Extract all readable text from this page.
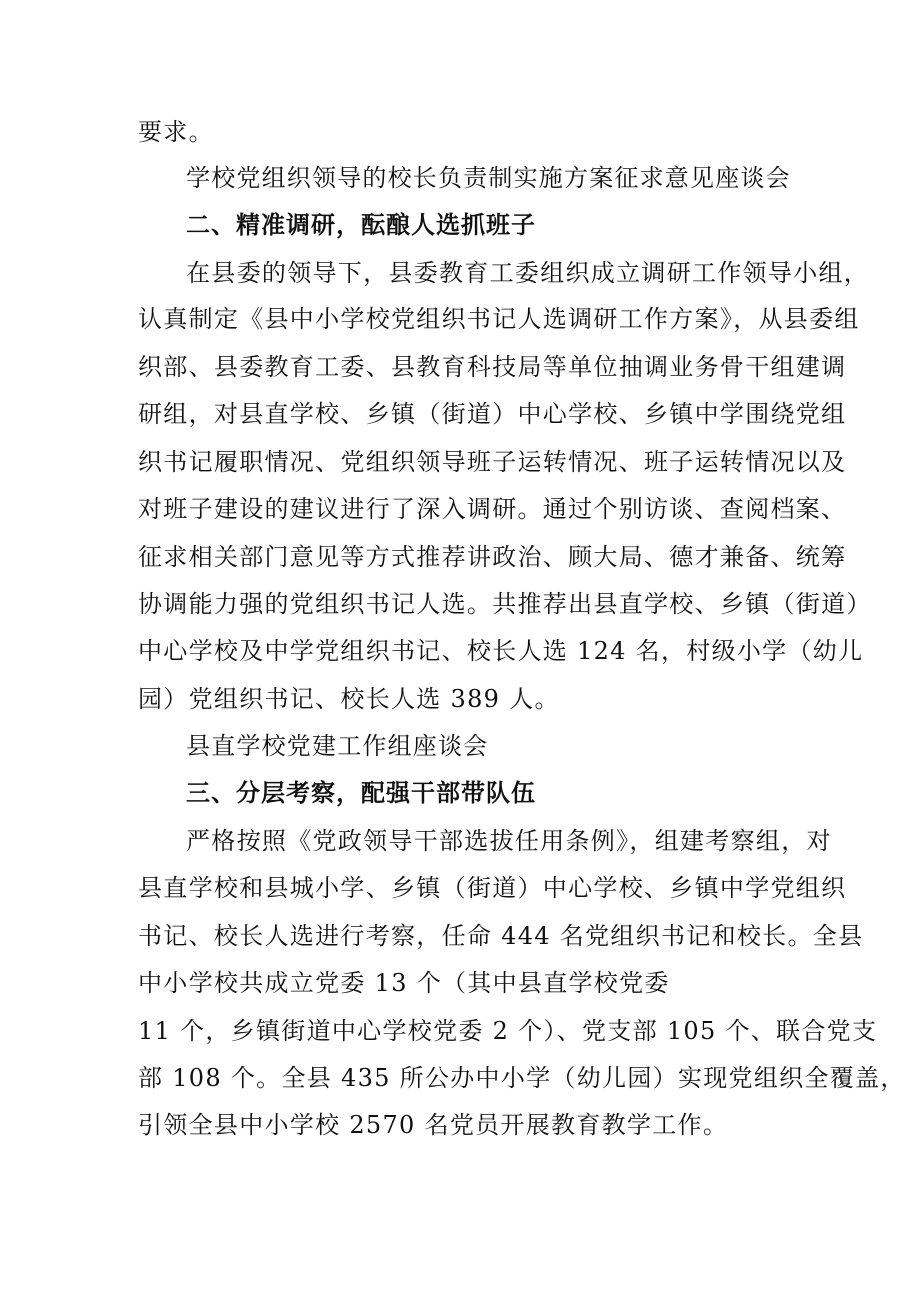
要求。
学校党组织领导的校长负责制实施方案征求意见座谈会
二、精准调研，酝酿人选抓班子
在县委的领导下，县委教育工委组织成立调研工作领导小组，
认真制定《县中小学校党组织书记人选调研工作方案》，从县委组
织部、县委教育工委、县教育科技局等单位抽调业务骨干组建调
研组，对县直学校、乡镇（街道）中心学校、乡镇中学围绕党组
织书记履职情况、党组织领导班子运转情况、班子运转情况以及
对班子建设的建议进行了深入调研。通过个别访谈、查阅档案、
征求相关部门意见等方式推荐讲政治、顾大局、德才兼备、统筹
协调能力强的党组织书记人选。共推荐出县直学校、乡镇（街道）
中心学校及中学党组织书记、校长人选 124 名，村级小学（幼儿
园）党组织书记、校长人选 389 人。
县直学校党建工作组座谈会
三、分层考察，配强干部带队伍
严格按照《党政领导干部选拔任用条例》，组建考察组，对
县直学校和县城小学、乡镇（街道）中心学校、乡镇中学党组织
书记、校长人选进行考察，任命 444 名党组织书记和校长。全县
中小学校共成立党委 13 个（其中县直学校党委
11 个，乡镇街道中心学校党委 2 个）、党支部 105 个、联合党支
部 108 个。全县 435 所公办中小学（幼儿园）实现党组织全覆盖，
引领全县中小学校 2570 名党员开展教育教学工作。
